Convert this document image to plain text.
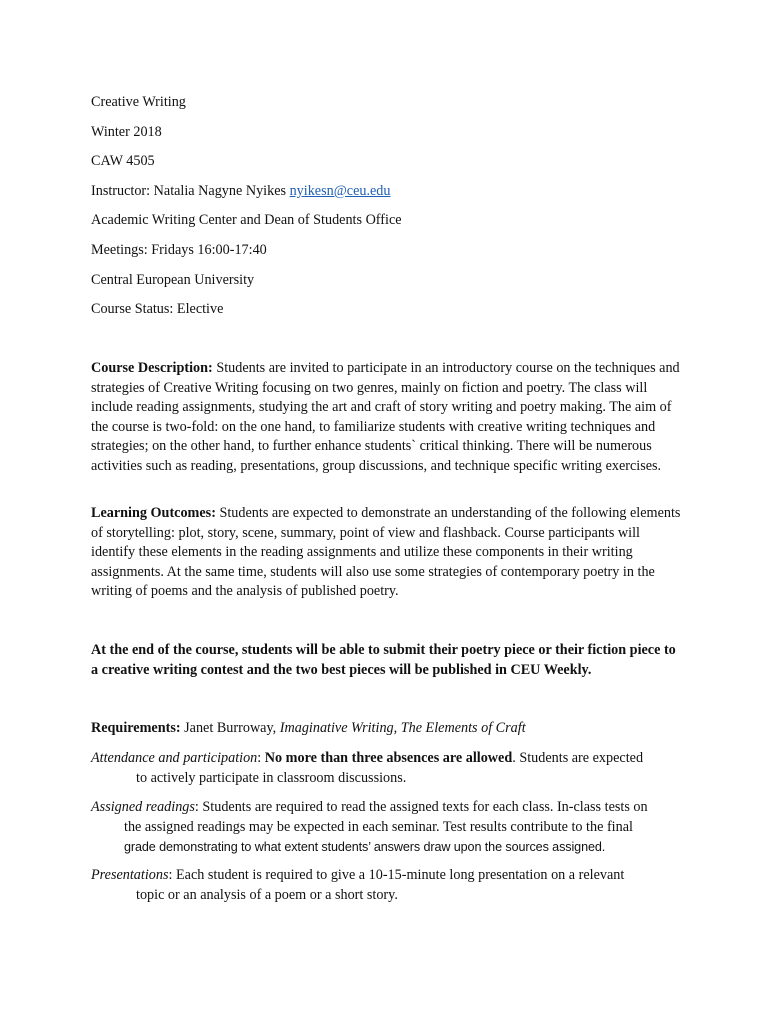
Creative Writing
Winter 2018
CAW 4505
Instructor: Natalia Nagyne Nyikes nyikesn@ceu.edu
Academic Writing Center and Dean of Students Office
Meetings: Fridays 16:00-17:40
Central European University
Course Status: Elective
Course Description: Students are invited to participate in an introductory course on the techniques and strategies of Creative Writing focusing on two genres, mainly on fiction and poetry. The class will include reading assignments, studying the art and craft of story writing and poetry making. The aim of the course is two-fold: on the one hand, to familiarize students with creative writing techniques and strategies; on the other hand, to further enhance students` critical thinking. There will be numerous activities such as reading, presentations, group discussions, and technique specific writing exercises.
Learning Outcomes: Students are expected to demonstrate an understanding of the following elements of storytelling: plot, story, scene, summary, point of view and flashback. Course participants will identify these elements in the reading assignments and utilize these components in their writing assignments. At the same time, students will also use some strategies of contemporary poetry in the writing of poems and the analysis of published poetry.
At the end of the course, students will be able to submit their poetry piece or their fiction piece to a creative writing contest and the two best pieces will be published in CEU Weekly.
Requirements: Janet Burroway, Imaginative Writing, The Elements of Craft
Attendance and participation: No more than three absences are allowed. Students are expected
to actively participate in classroom discussions.
Assigned readings: Students are required to read the assigned texts for each class. In-class tests on
the assigned readings may be expected in each seminar. Test results contribute to the final
grade demonstrating to what extent students’ answers draw upon the sources assigned.
Presentations: Each student is required to give a 10-15-minute long presentation on a relevant
topic or an analysis of a poem or a short story.
